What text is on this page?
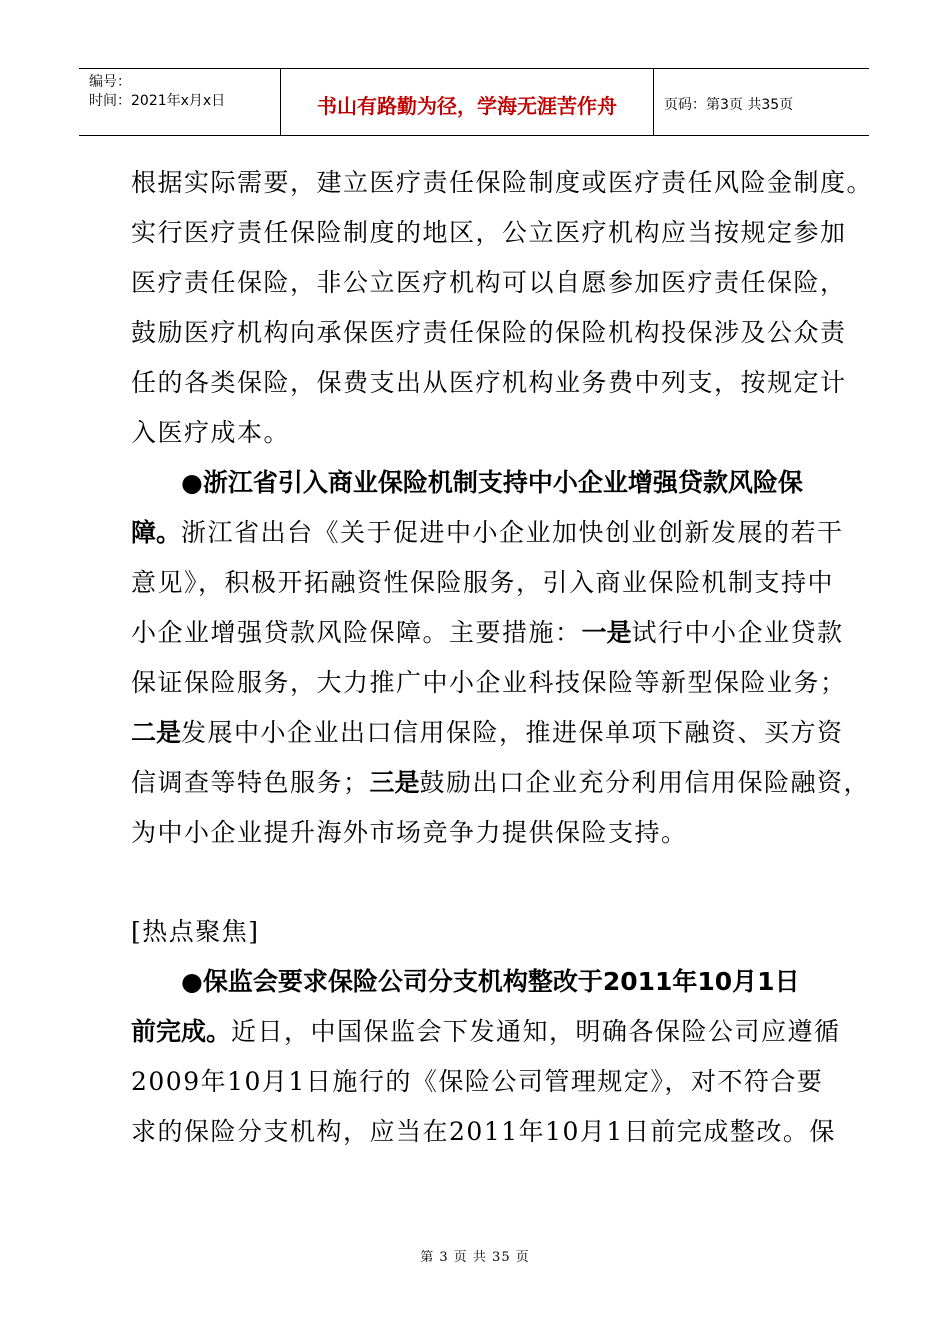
编号：
时间：2021年x月x日	书山有路勤为径，学海无涯苦作舟	页码：第3页 共35页
根据实际需要，建立医疗责任保险制度或医疗责任风险金制度。
实行医疗责任保险制度的地区，公立医疗机构应当按规定参加
医疗责任保险，非公立医疗机构可以自愿参加医疗责任保险，
鼓励医疗机构向承保医疗责任保险的保险机构投保涉及公众责
任的各类保险，保费支出从医疗机构业务费中列支，按规定计
入医疗成本。
●浙江省引入商业保险机制支持中小企业增强贷款风险保
障。浙江省出台《关于促进中小企业加快创业创新发展的若干
意见》，积极开拓融资性保险服务，引入商业保险机制支持中
小企业增强贷款风险保障。主要措施：一是试行中小企业贷款
保证保险服务，大力推广中小企业科技保险等新型保险业务；
二是发展中小企业出口信用保险，推进保单项下融资、买方资
信调查等特色服务；三是鼓励出口企业充分利用信用保险融资，
为中小企业提升海外市场竞争力提供保险支持。
[热点聚焦]
●保监会要求保险公司分支机构整改于2011年10月1日
前完成。近日，中国保监会下发通知，明确各保险公司应遵循
2009年10月1日施行的《保险公司管理规定》，对不符合要
求的保险分支机构，应当在2011年10月1日前完成整改。保
第 3 页 共 35 页
